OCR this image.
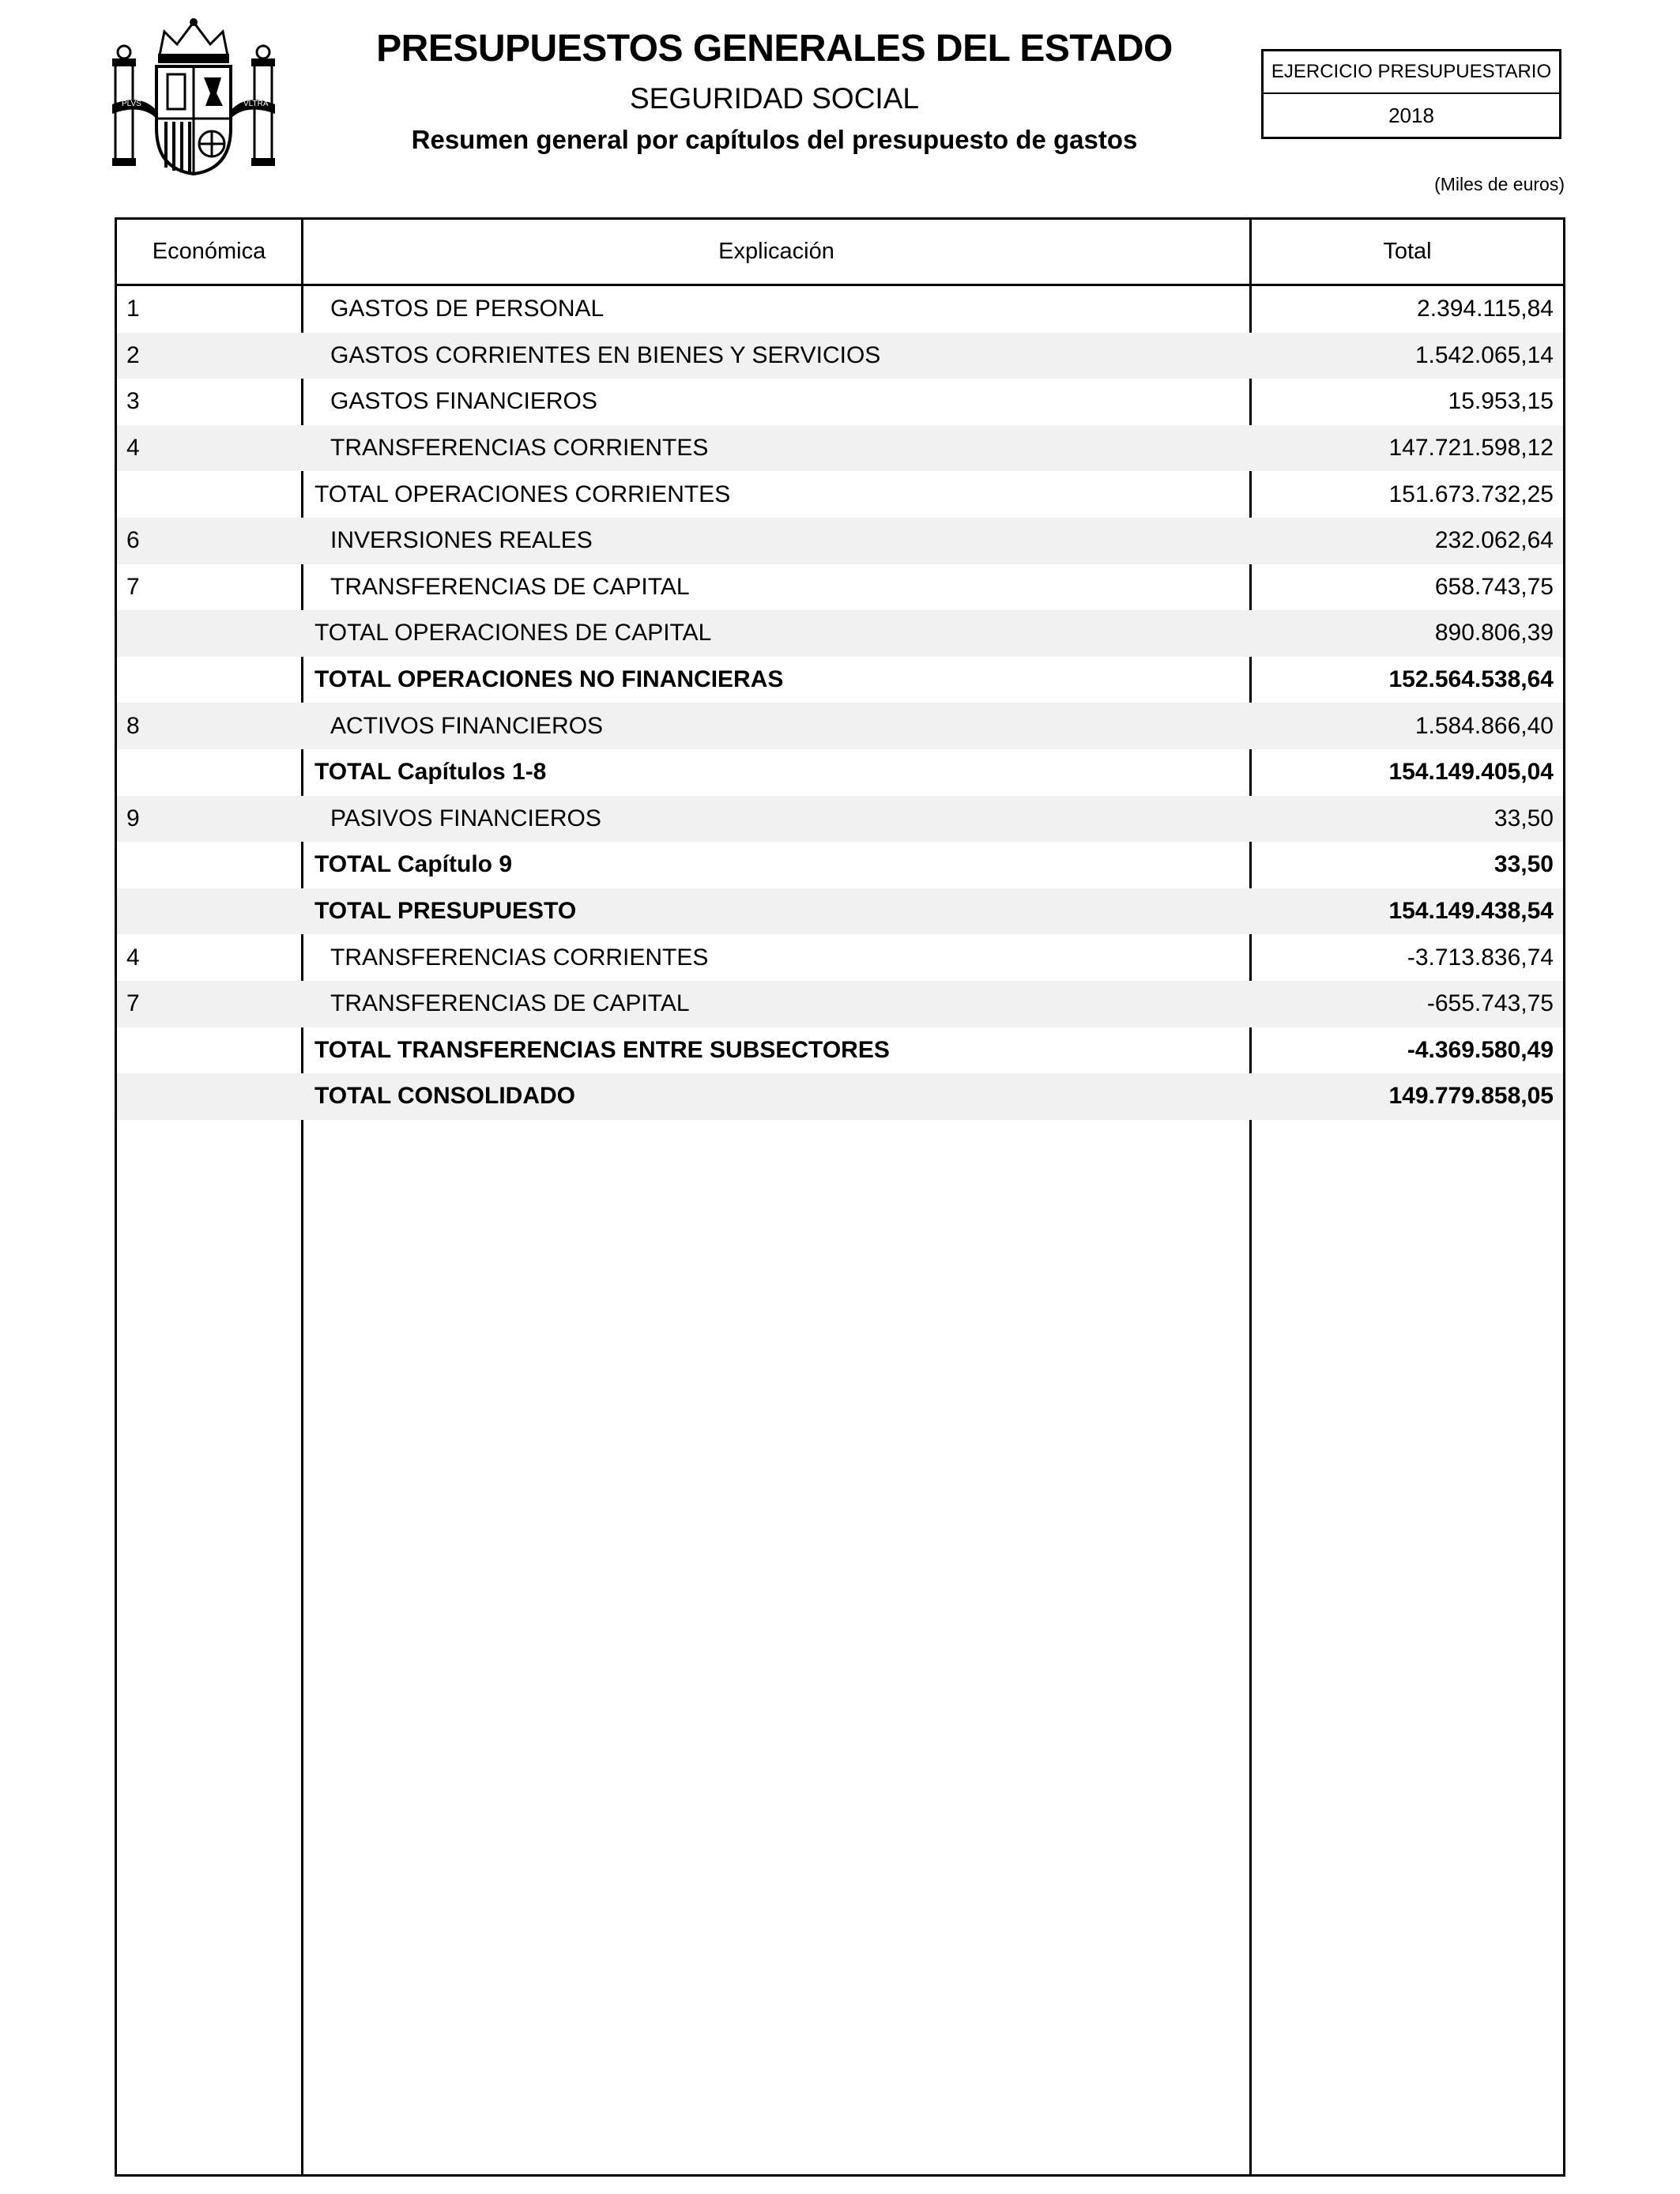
PLVS	VLTRA
PRESUPUESTOS GENERALES DEL ESTADO
SEGURIDAD SOCIAL
Resumen general por capítulos del presupuesto de gastos
EJERCICIO PRESUPUESTARIO
2018
(Miles de euros)
Económica	Explicación	Total
1	GASTOS DE PERSONAL	2.394.115,84
2	GASTOS CORRIENTES EN BIENES Y SERVICIOS	1.542.065,14
3	GASTOS FINANCIEROS	15.953,15
4	TRANSFERENCIAS CORRIENTES	147.721.598,12
TOTAL OPERACIONES CORRIENTES	151.673.732,25
6	INVERSIONES REALES	232.062,64
7	TRANSFERENCIAS DE CAPITAL	658.743,75
TOTAL OPERACIONES DE CAPITAL	890.806,39
TOTAL OPERACIONES NO FINANCIERAS	152.564.538,64
8	ACTIVOS FINANCIEROS	1.584.866,40
TOTAL Capítulos 1-8	154.149.405,04
9	PASIVOS FINANCIEROS	33,50
TOTAL Capítulo 9	33,50
TOTAL PRESUPUESTO	154.149.438,54
4	TRANSFERENCIAS CORRIENTES	-3.713.836,74
7	TRANSFERENCIAS DE CAPITAL	-655.743,75
TOTAL TRANSFERENCIAS ENTRE SUBSECTORES	-4.369.580,49
TOTAL CONSOLIDADO	149.779.858,05
